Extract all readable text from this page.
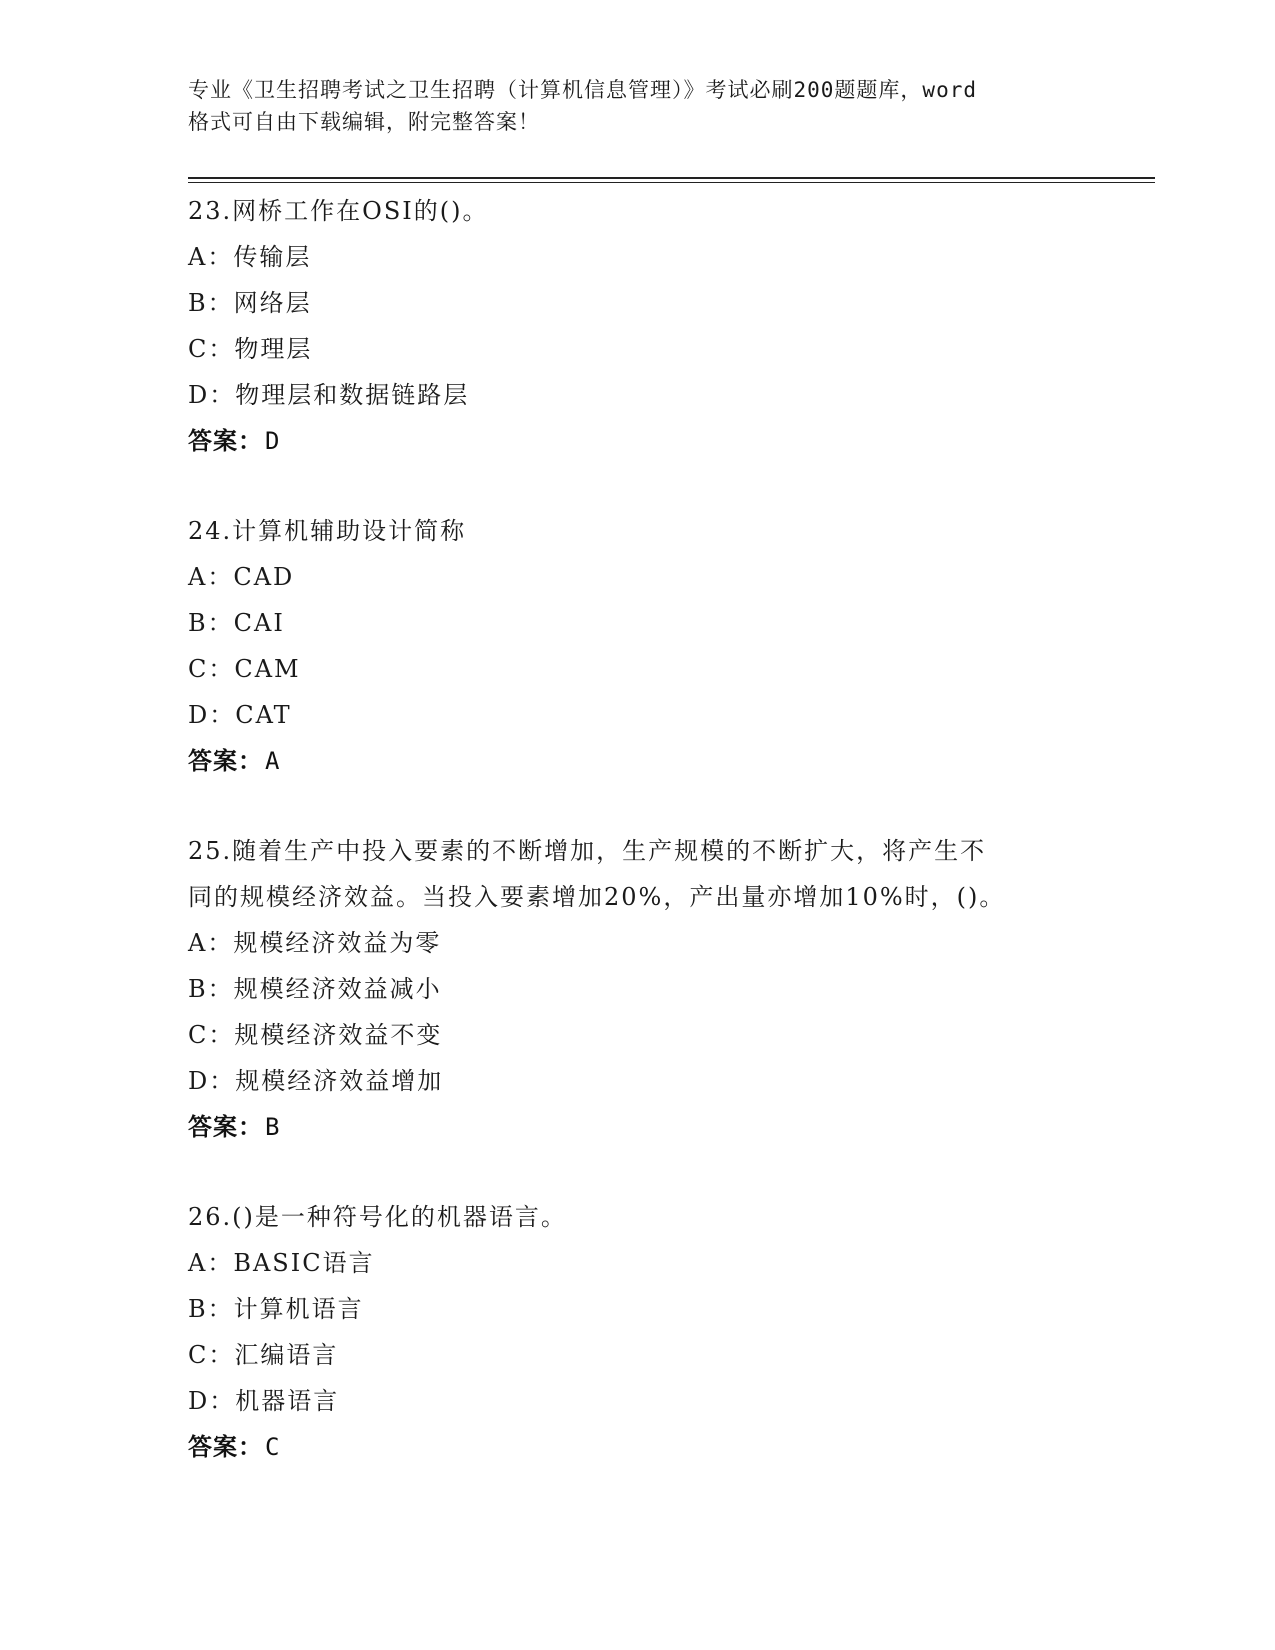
专业《卫生招聘考试之卫生招聘（计算机信息管理）》考试必刷200题题库，word
格式可自由下载编辑，附完整答案！
23.网桥工作在OSI的()。
A：传输层
B：网络层
C：物理层
D：物理层和数据链路层
答案：D
24.计算机辅助设计简称
A：CAD
B：CAI
C：CAM
D：CAT
答案：A
25.随着生产中投入要素的不断增加，生产规模的不断扩大，将产生不
同的规模经济效益。当投入要素增加20%，产出量亦增加10%时，()。
A：规模经济效益为零
B：规模经济效益减小
C：规模经济效益不变
D：规模经济效益增加
答案：B
26.()是一种符号化的机器语言。
A：BASIC语言
B：计算机语言
C：汇编语言
D：机器语言
答案：C
